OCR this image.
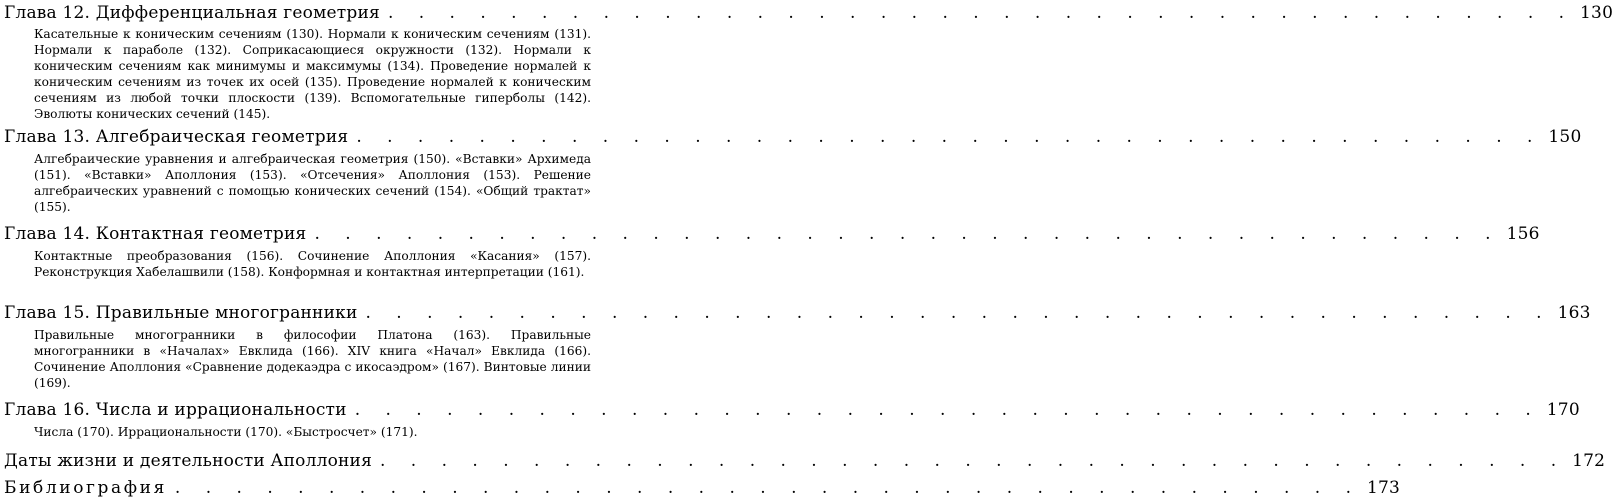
Глава 12. Дифференциальная геометрия . . . . . . . . . . . . . . . . . . . . . . . . . . . . . . . . . . . . . . . 130

Касательные к коническим сечениям (130). Нормали к коническим сечениям (131). Нормали к параболе (132). Соприкасающиеся окружности (132). Нормали к коническим сечениям как минимумы и максимумы (134). Проведение нормалей к коническим сечениям из точек их осей (135). Проведение нормалей к коническим сечениям из любой точки плоскости (139). Вспомогательные гиперболы (142). Эволюты конических сечений (145).

Глава 13. Алгебраическая геометрия . . . . . . . . . . . . . . . . . . . . . . . . . . . . . . . . . . . . . . . 150

Алгебраические уравнения и алгебраическая геометрия (150). «Вставки» Архимеда (151). «Вставки» Аполлония (153). «Отсечения» Аполлония (153). Решение алгебраических уравнений с помощью конических сечений (154). «Общий трактат» (155).

Глава 14. Контактная геометрия . . . . . . . . . . . . . . . . . . . . . . . . . . . . . . . . . . . . . . . 156

Контактные преобразования (156). Сочинение Аполлония «Касания» (157). Реконструкция Хабелашвили (158). Конформная и контактная интерпретации (161).

Глава 15. Правильные многогранники . . . . . . . . . . . . . . . . . . . . . . . . . . . . . . . . . . . . . . . 163

Правильные многогранники в философии Платона (163). Правильные многогранники в «Началах» Евклида (166). XIV книга «Начал» Евклида (166). Сочинение Аполлония «Сравнение додекаэдра с икосаэдром» (167). Винтовые линии (169).

Глава 16. Числа и иррациональности . . . . . . . . . . . . . . . . . . . . . . . . . . . . . . . . . . . . . . . 170

Числа (170). Иррациональности (170). «Быстросчет» (171).

Даты жизни и деятельности Аполлония . . . . . . . . . . . . . . . . . . . . . . . . . . . . . . . . . . . . . . . 172
Библиография . . . . . . . . . . . . . . . . . . . . . . . . . . . . . . . . . . . . . . . 173
